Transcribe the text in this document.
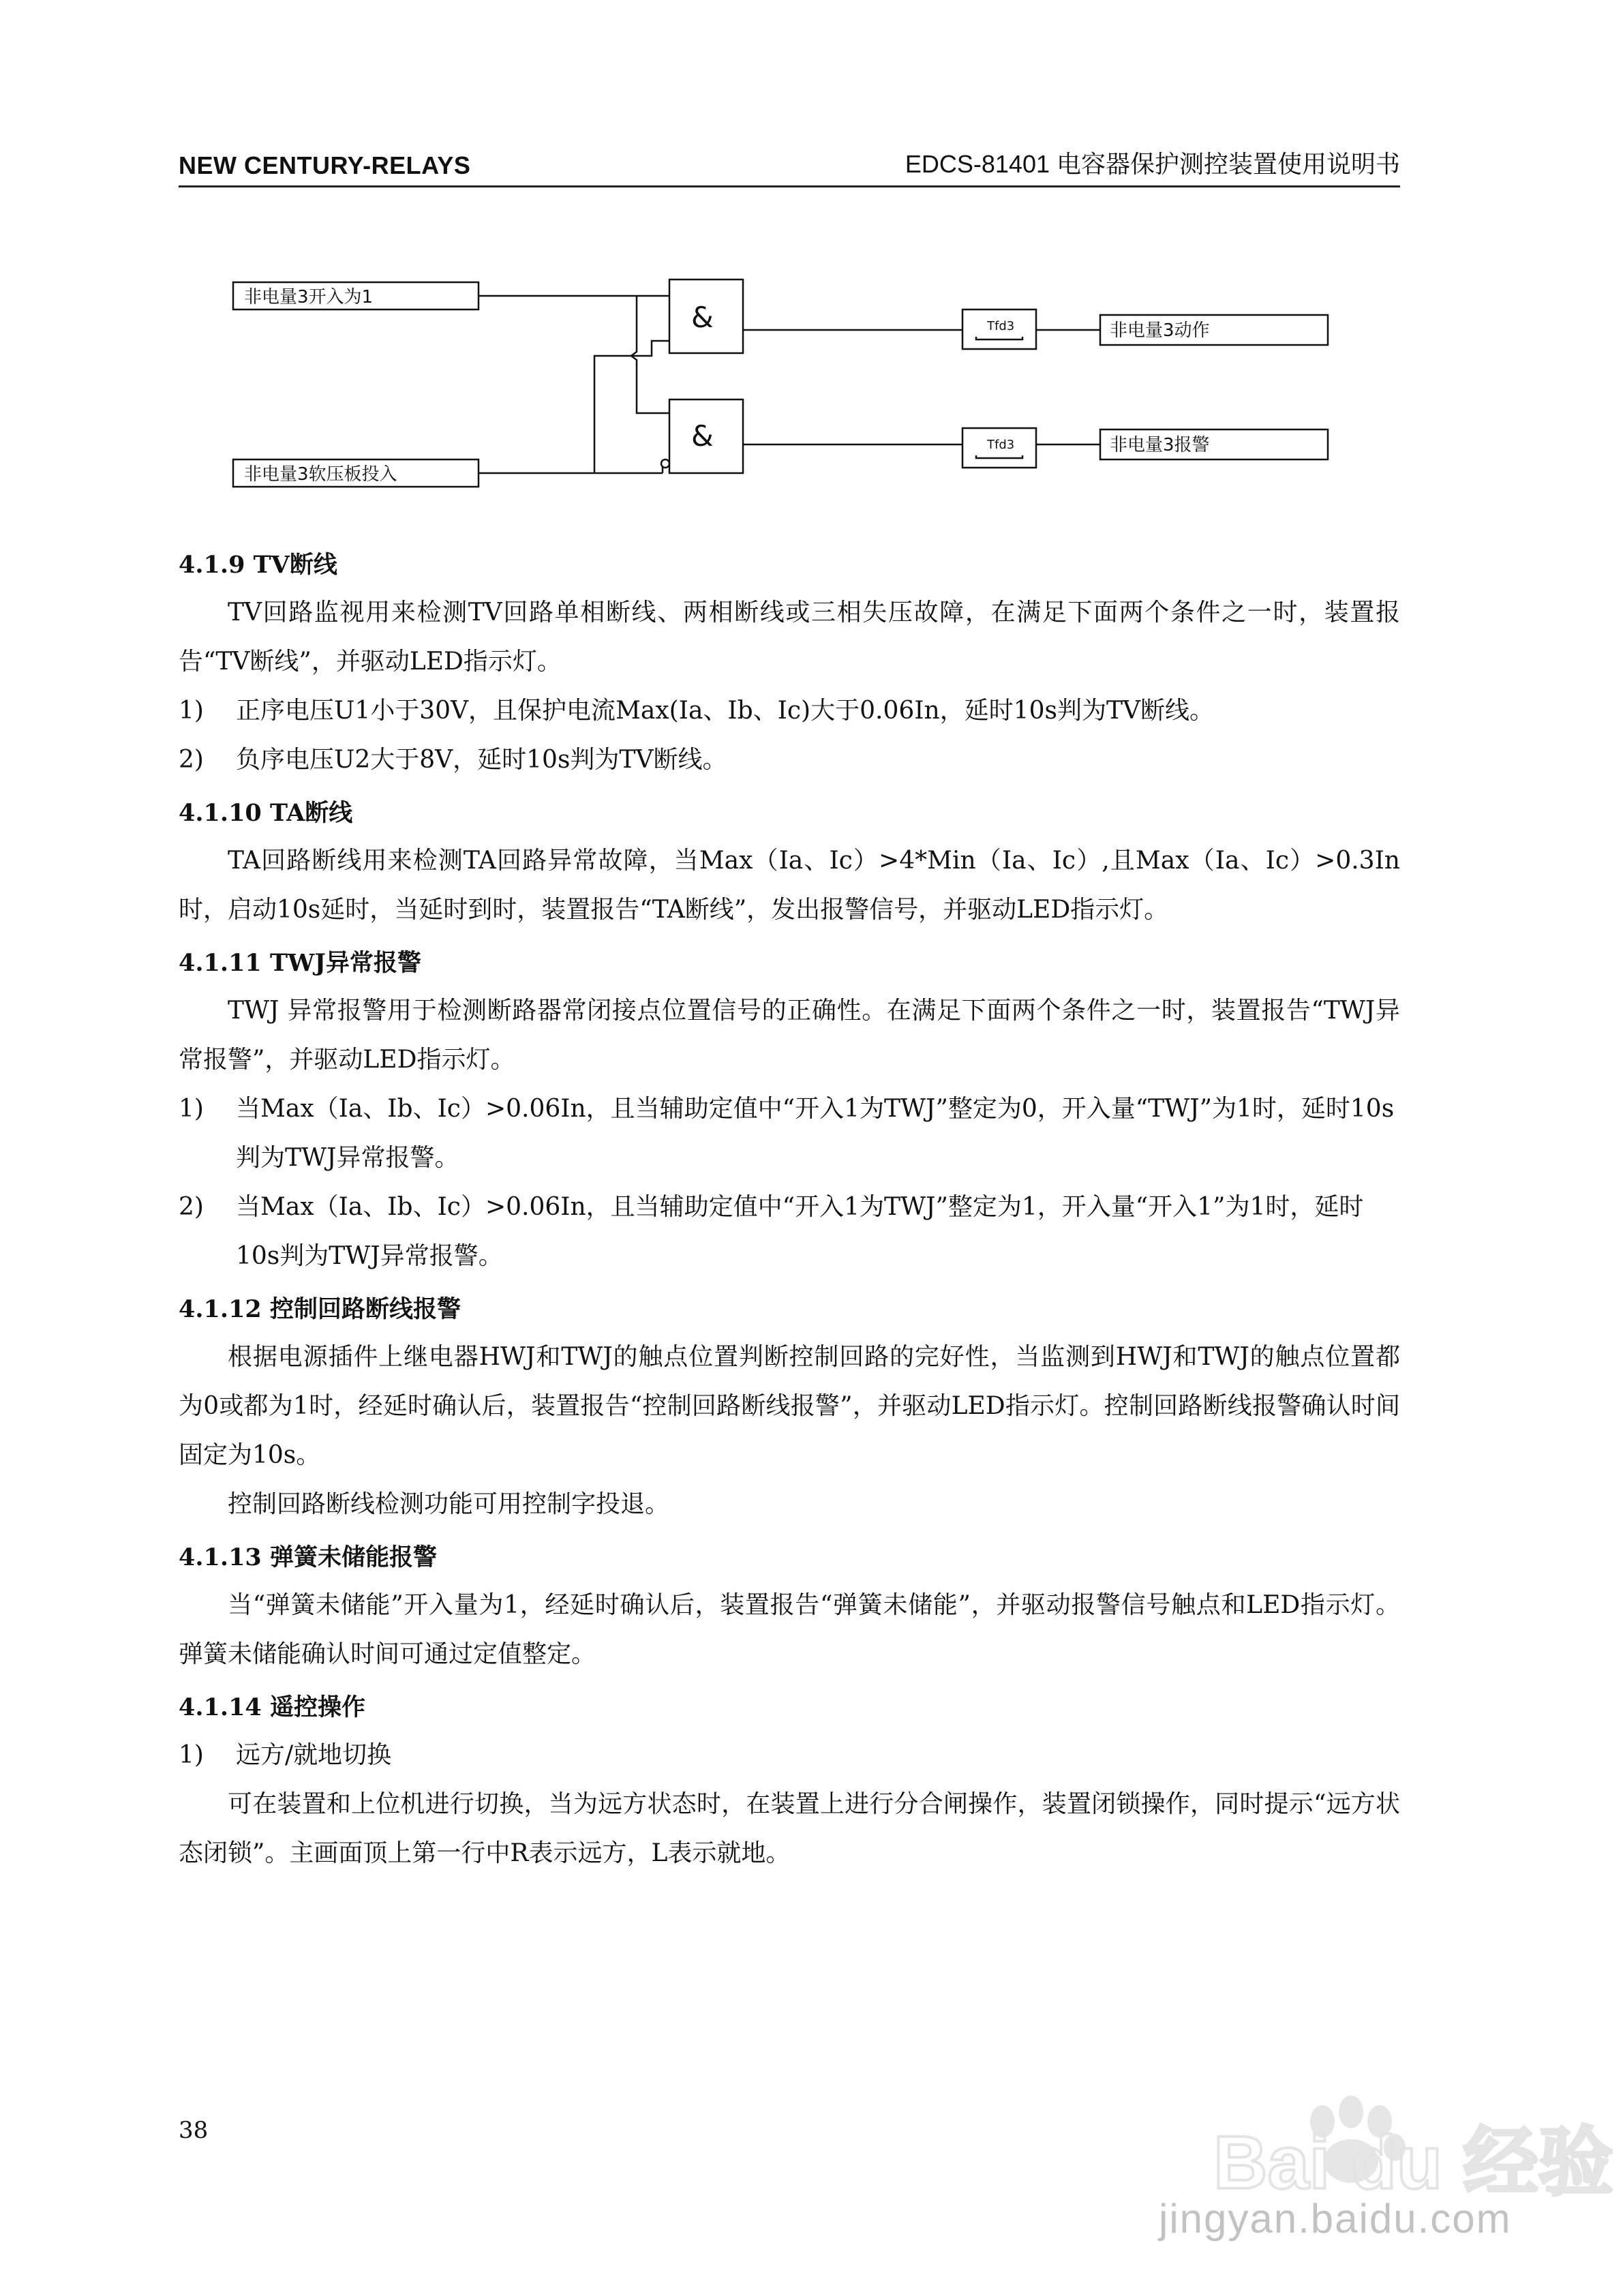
NEW CENTURY-RELAYS	EDCS-81401 电容器保护测控装置使用说明书
非电量3开入为1
非电量3软压板投入
&
&
Tfd3
Tfd3
非电量3动作
非电量3报警
4.1.9 TV断线

TV回路监视用来检测TV回路单相断线、两相断线或三相失压故障，在满足下面两个条件之一时，装置报告“TV断线”，并驱动LED指示灯。

1) 正序电压U1小于30V，且保护电流Max(Ia、Ib、Ic)大于0.06In，延时10s判为TV断线。

2) 负序电压U2大于8V，延时10s判为TV断线。

4.1.10 TA断线

TA回路断线用来检测TA回路异常故障，当Max（Ia、Ic）>4*Min（Ia、Ic）,且Max（Ia、Ic）>0.3In时，启动10s延时，当延时到时，装置报告“TA断线”，发出报警信号，并驱动LED指示灯。

4.1.11 TWJ异常报警

TWJ 异常报警用于检测断路器常闭接点位置信号的正确性。在满足下面两个条件之一时，装置报告“TWJ异常报警”，并驱动LED指示灯。

1) 当Max（Ia、Ib、Ic）>0.06In，且当辅助定值中“开入1为TWJ”整定为0，开入量“TWJ”为1时，延时10s判为TWJ异常报警。

2) 当Max（Ia、Ib、Ic）>0.06In，且当辅助定值中“开入1为TWJ”整定为1，开入量“开入1”为1时，延时10s判为TWJ异常报警。

4.1.12 控制回路断线报警

根据电源插件上继电器HWJ和TWJ的触点位置判断控制回路的完好性，当监测到HWJ和TWJ的触点位置都为0或都为1时，经延时确认后，装置报告“控制回路断线报警”，并驱动LED指示灯。控制回路断线报警确认时间固定为10s。

控制回路断线检测功能可用控制字投退。

4.1.13 弹簧未储能报警

当“弹簧未储能”开入量为1，经延时确认后，装置报告“弹簧未储能”，并驱动报警信号触点和LED指示灯。弹簧未储能确认时间可通过定值整定。

4.1.14 遥控操作

1) 远方/就地切换

可在装置和上位机进行切换，当为远方状态时，在装置上进行分合闸操作，装置闭锁操作，同时提示“远方状态闭锁”。主画面顶上第一行中R表示远方，L表示就地。

38	Bai du 经验
jingyan.baidu.com
